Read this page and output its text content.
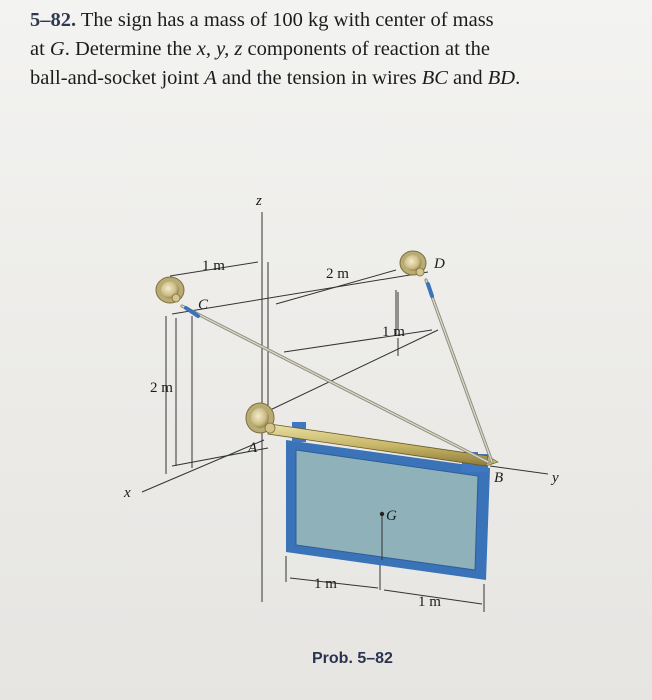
5–82. The sign has a mass of 100 kg with center of mass
at G. Determine the x, y, z components of reaction at the
ball-and-socket joint A and the tension in wires BC and BD.
z
x
y
A
B
C
D
G
1 m	2 m
1 m
2 m
1 m
1 m
Prob. 5–82
